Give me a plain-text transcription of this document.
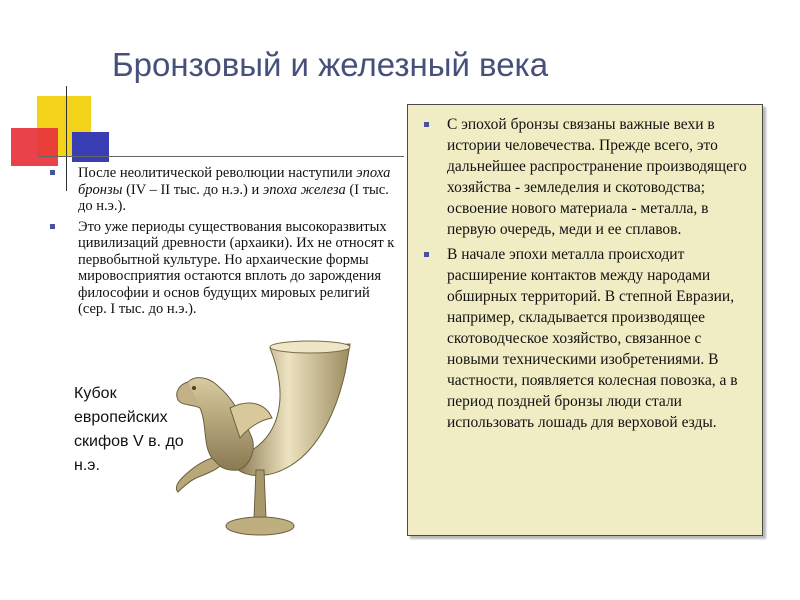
Бронзовый и железный века
После неолитической революции наступили эпоха бронзы (IV – II тыс. до н.э.) и эпоха железа (I тыс. до н.э.).
Это уже периоды существования высокоразвитых цивилизаций древности (архаики). Их не относят к первобытной культуре. Но архаические формы мировосприятия остаются вплоть до зарождения философии и основ будущих мировых религий (сер. I тыс. до н.э.).
Кубок европейских скифов V в. до н.э.
С эпохой бронзы связаны важные вехи в истории человечества. Прежде всего, это дальнейшее распространение производящего хозяйства - земледелия и скотоводства; освоение нового материала - металла, в первую очередь, меди и ее сплавов.
В начале эпохи металла происходит расширение контактов между народами обширных территорий. В степной Евразии, например, складывается производящее скотоводческое хозяйство, связанное с новыми техническими изобретениями. В частности, появляется колесная повозка, а в период поздней бронзы люди стали использовать лошадь для верховой езды.
